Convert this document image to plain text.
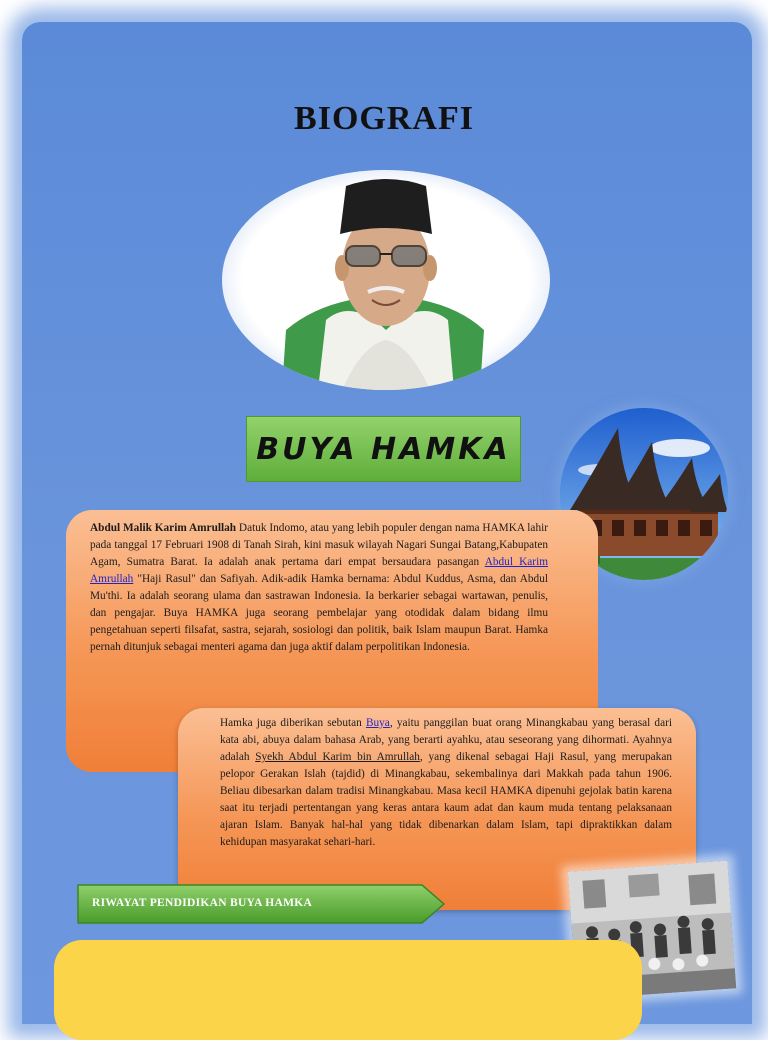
BIOGRAFI
BUYA HAMKA
Abdul Malik Karim Amrullah Datuk Indomo, atau yang lebih populer dengan nama HAMKA lahir pada tanggal 17 Februari 1908 di Tanah Sirah, kini masuk wilayah Nagari Sungai Batang,Kabupaten Agam, Sumatra Barat. Ia adalah anak pertama dari empat bersaudara pasangan Abdul Karim Amrullah "Haji Rasul" dan Safiyah. Adik-adik Hamka bernama: Abdul Kuddus, Asma, dan Abdul Mu'thi. Ia adalah seorang ulama dan sastrawan Indonesia. Ia berkarier sebagai wartawan, penulis, dan pengajar. Buya HAMKA juga seorang pembelajar yang otodidak dalam bidang ilmu pengetahuan seperti filsafat, sastra, sejarah, sosiologi dan politik, baik Islam maupun Barat. Hamka pernah ditunjuk sebagai menteri agama dan juga aktif dalam perpolitikan Indonesia.
Hamka juga diberikan sebutan Buya, yaitu panggilan buat orang Minangkabau yang berasal dari kata abi, abuya dalam bahasa Arab, yang berarti ayahku, atau seseorang yang dihormati. Ayahnya adalah Syekh Abdul Karim bin Amrullah, yang dikenal sebagai Haji Rasul, yang merupakan pelopor Gerakan Islah (tajdid) di Minangkabau, sekembalinya dari Makkah pada tahun 1906. Beliau dibesarkan dalam tradisi Minangkabau. Masa kecil HAMKA dipenuhi gejolak batin karena saat itu terjadi pertentangan yang keras antara kaum adat dan kaum muda tentang pelaksanaan ajaran Islam. Banyak hal-hal yang tidak dibenarkan dalam Islam, tapi dipraktikkan dalam kehidupan masyarakat sehari-hari.
RIWAYAT PENDIDIKAN BUYA HAMKA
